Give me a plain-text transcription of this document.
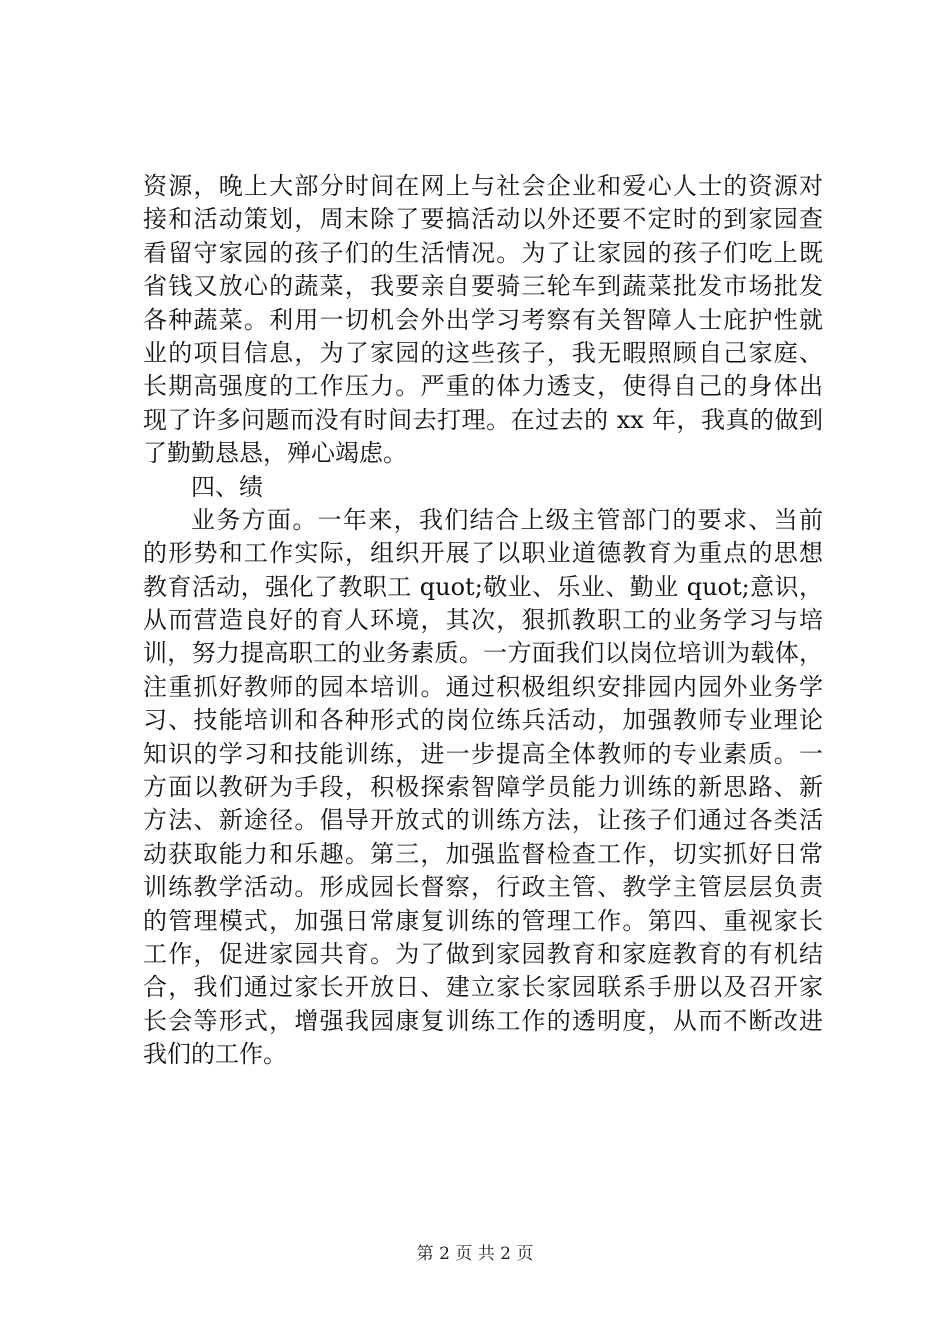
资源，晚上大部分时间在网上与社会企业和爱心人士的资源对
接和活动策划，周末除了要搞活动以外还要不定时的到家园查
看留守家园的孩子们的生活情况。为了让家园的孩子们吃上既
省钱又放心的蔬菜，我要亲自要骑三轮车到蔬菜批发市场批发
各种蔬菜。利用一切机会外出学习考察有关智障人士庇护性就
业的项目信息，为了家园的这些孩子，我无暇照顾自己家庭、
长期高强度的工作压力。严重的体力透支，使得自己的身体出
现了许多问题而没有时间去打理。在过去的 xx 年，我真的做到
了勤勤恳恳，殚心竭虑。
四、绩
业务方面。一年来，我们结合上级主管部门的要求、当前
的形势和工作实际，组织开展了以职业道德教育为重点的思想
教育活动，强化了教职工 quot;敬业、乐业、勤业 quot;意识，
从而营造良好的育人环境，其次，狠抓教职工的业务学习与培
训，努力提高职工的业务素质。一方面我们以岗位培训为载体，
注重抓好教师的园本培训。通过积极组织安排园内园外业务学
习、技能培训和各种形式的岗位练兵活动，加强教师专业理论
知识的学习和技能训练，进一步提高全体教师的专业素质。一
方面以教研为手段，积极探索智障学员能力训练的新思路、新
方法、新途径。倡导开放式的训练方法，让孩子们通过各类活
动获取能力和乐趣。第三，加强监督检查工作，切实抓好日常
训练教学活动。形成园长督察，行政主管、教学主管层层负责
的管理模式，加强日常康复训练的管理工作。第四、重视家长
工作，促进家园共育。为了做到家园教育和家庭教育的有机结
合，我们通过家长开放日、建立家长家园联系手册以及召开家
长会等形式，增强我园康复训练工作的透明度，从而不断改进
我们的工作。
第 2 页 共 2 页
